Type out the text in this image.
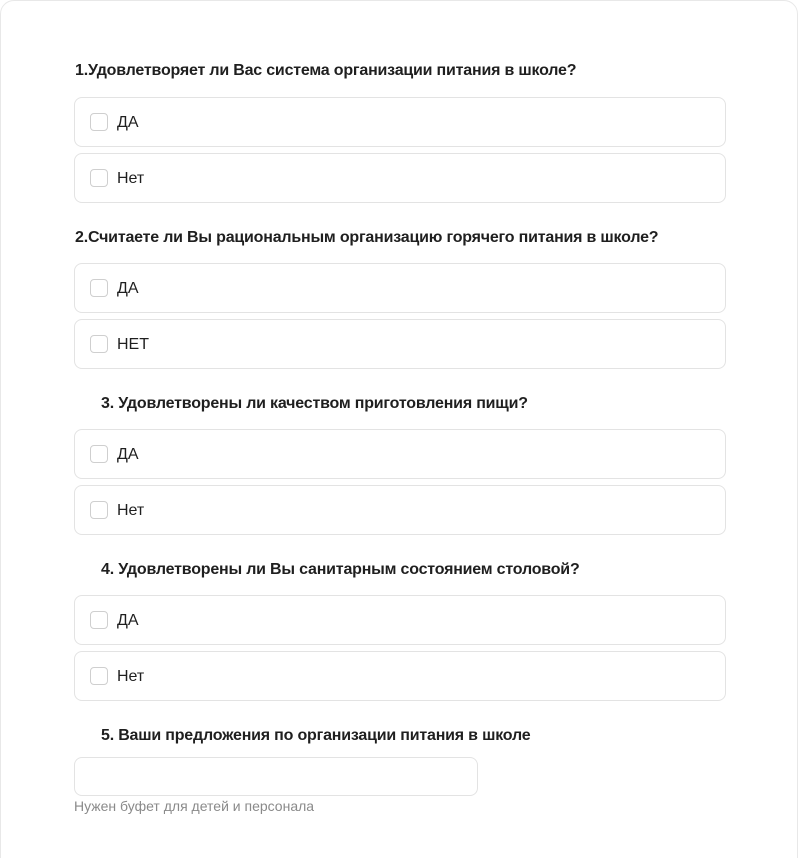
1.Удовлетворяет ли Вас система организации питания в школе?
ДА
Нет
2.Считаете ли Вы рациональным организацию горячего питания в школе?
ДА
НЕТ
3. Удовлетворены ли качеством приготовления пищи?
ДА
Нет
4. Удовлетворены ли Вы санитарным состоянием столовой?
ДА
Нет
5. Ваши предложения по организации питания в школе
Нужен буфет для детей и персонала
